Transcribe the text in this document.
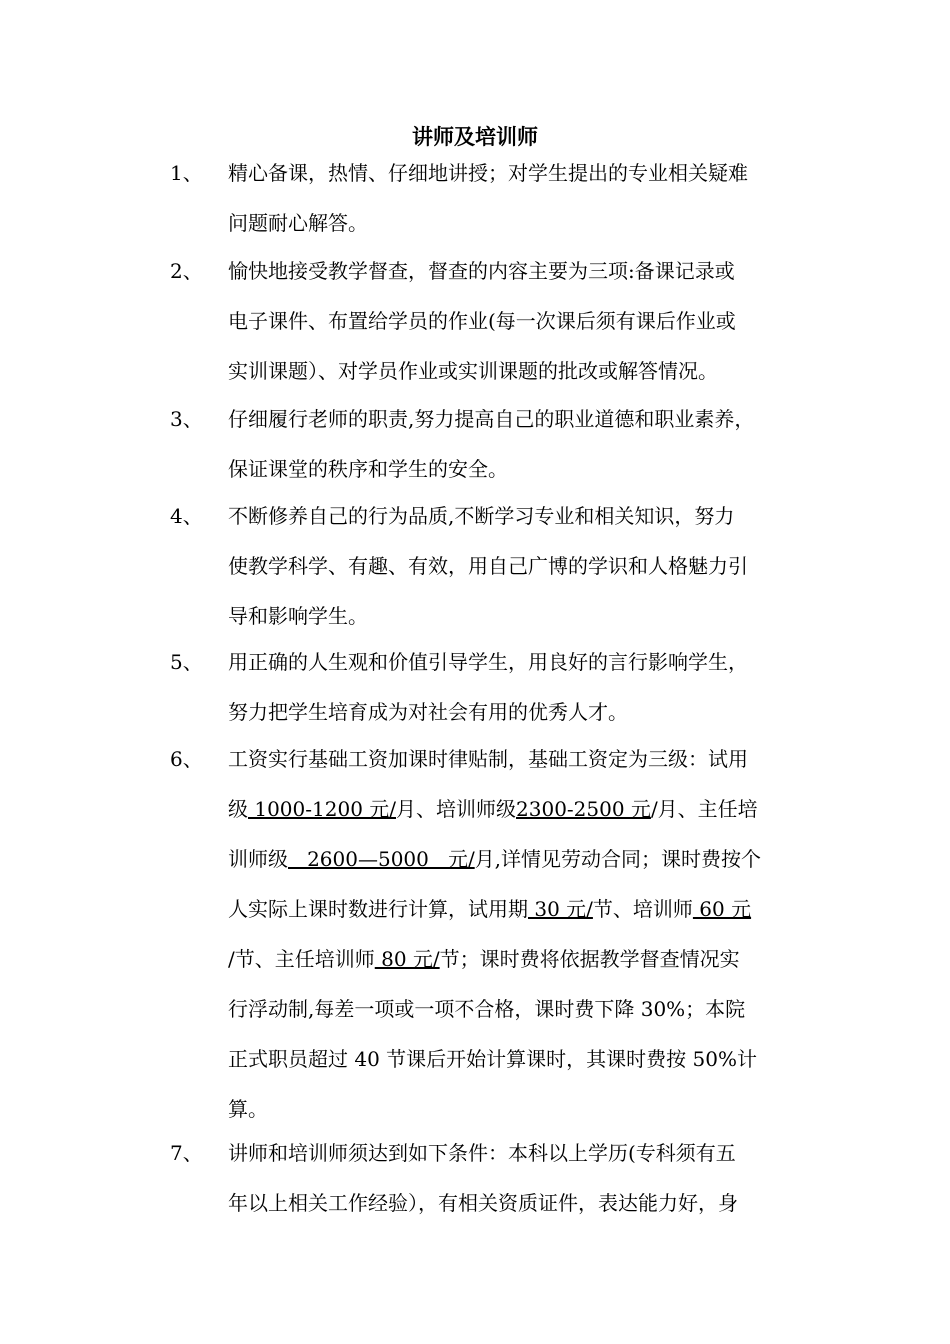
讲师及培训师
1、 精心备课，热情、仔细地讲授；对学生提出的专业相关疑难
问题耐心解答。
2、 愉快地接受教学督查，督查的内容主要为三项:备课记录或
电子课件、布置给学员的作业(每一次课后须有课后作业或
实训课题）、对学员作业或实训课题的批改或解答情况。
3、 仔细履行老师的职责,努力提高自己的职业道德和职业素养，
保证课堂的秩序和学生的安全。
4、 不断修养自己的行为品质,不断学习专业和相关知识，努力
使教学科学、有趣、有效，用自己广博的学识和人格魅力引
导和影响学生。
5、 用正确的人生观和价值引导学生，用良好的言行影响学生，
努力把学生培育成为对社会有用的优秀人才。
6、 工资实行基础工资加课时律贴制，基础工资定为三级：试用
级 1000-1200 元/月、培训师级2300-2500 元/月、主任培
训师级   2600—5000   元/月,详情见劳动合同；课时费按个
人实际上课时数进行计算，试用期 30 元/节、培训师 60 元
/节、主任培训师 80 元/节；课时费将依据教学督查情况实
行浮动制,每差一项或一项不合格，课时费下降 30%；本院
正式职员超过 40 节课后开始计算课时，其课时费按 50%计
算。
7、 讲师和培训师须达到如下条件：本科以上学历(专科须有五
年以上相关工作经验），有相关资质证件，表达能力好，身
